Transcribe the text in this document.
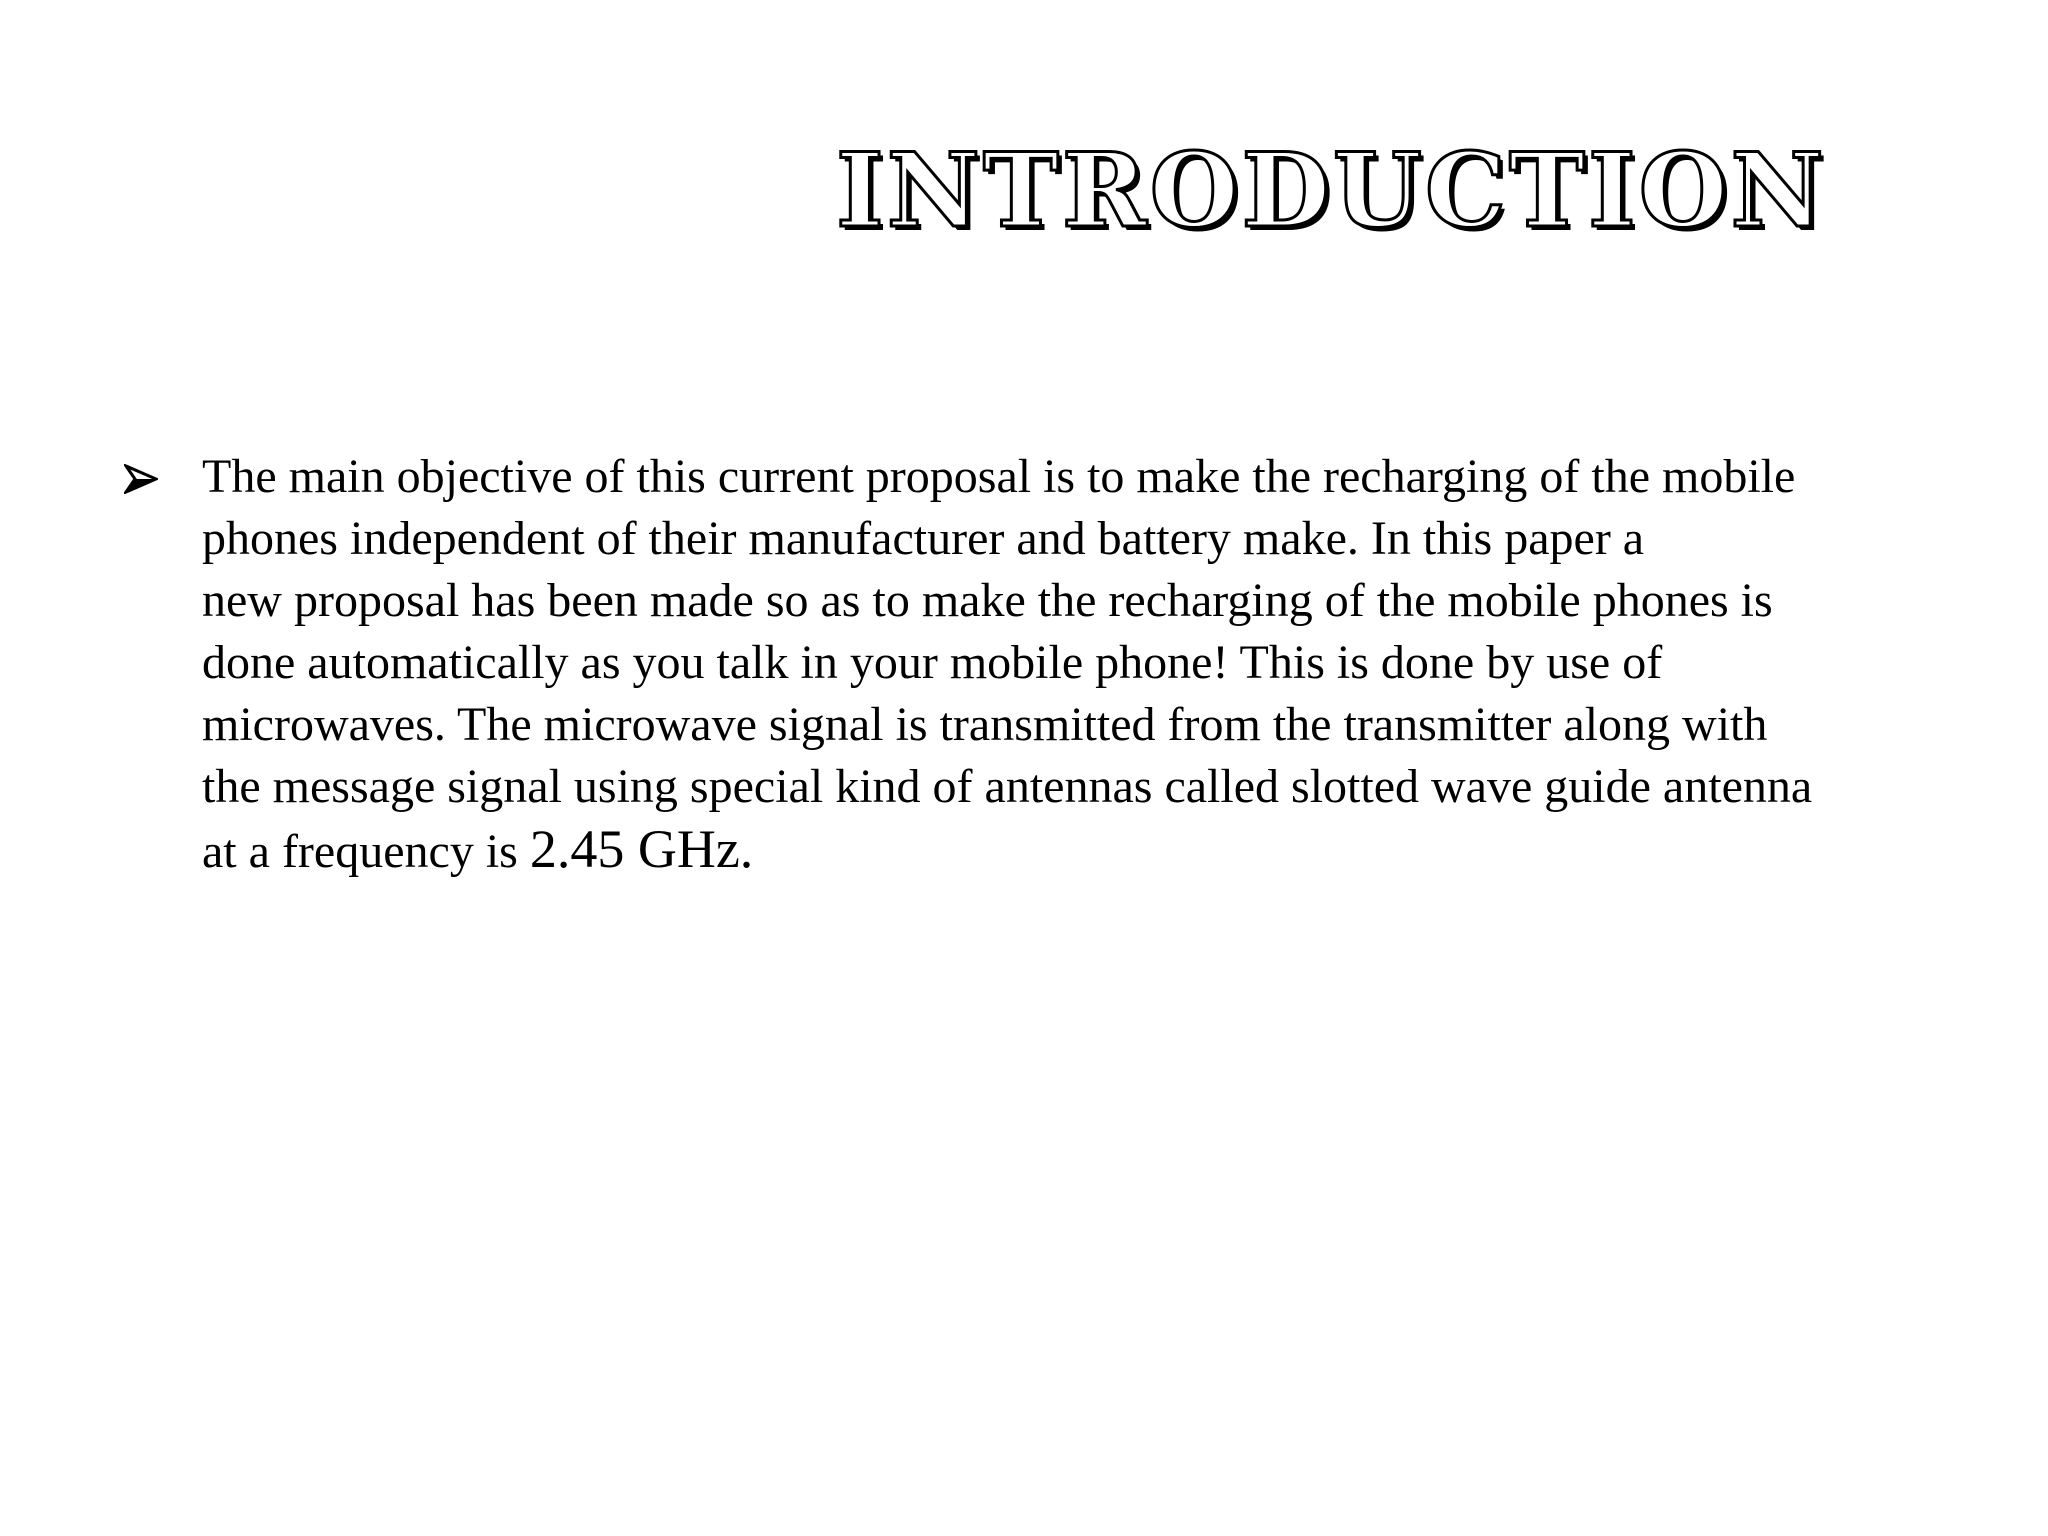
INTRODUCTION
The main objective of this current proposal is to make the recharging of the mobile
phones independent of their manufacturer and battery make. In this paper a
new proposal has been made so as to make the recharging of the mobile phones is
done automatically as you talk in your mobile phone! This is done by use of
microwaves. The microwave signal is transmitted from the transmitter along with
the message signal using special kind of antennas called slotted wave guide antenna
at a frequency is 2.45 GHz.
